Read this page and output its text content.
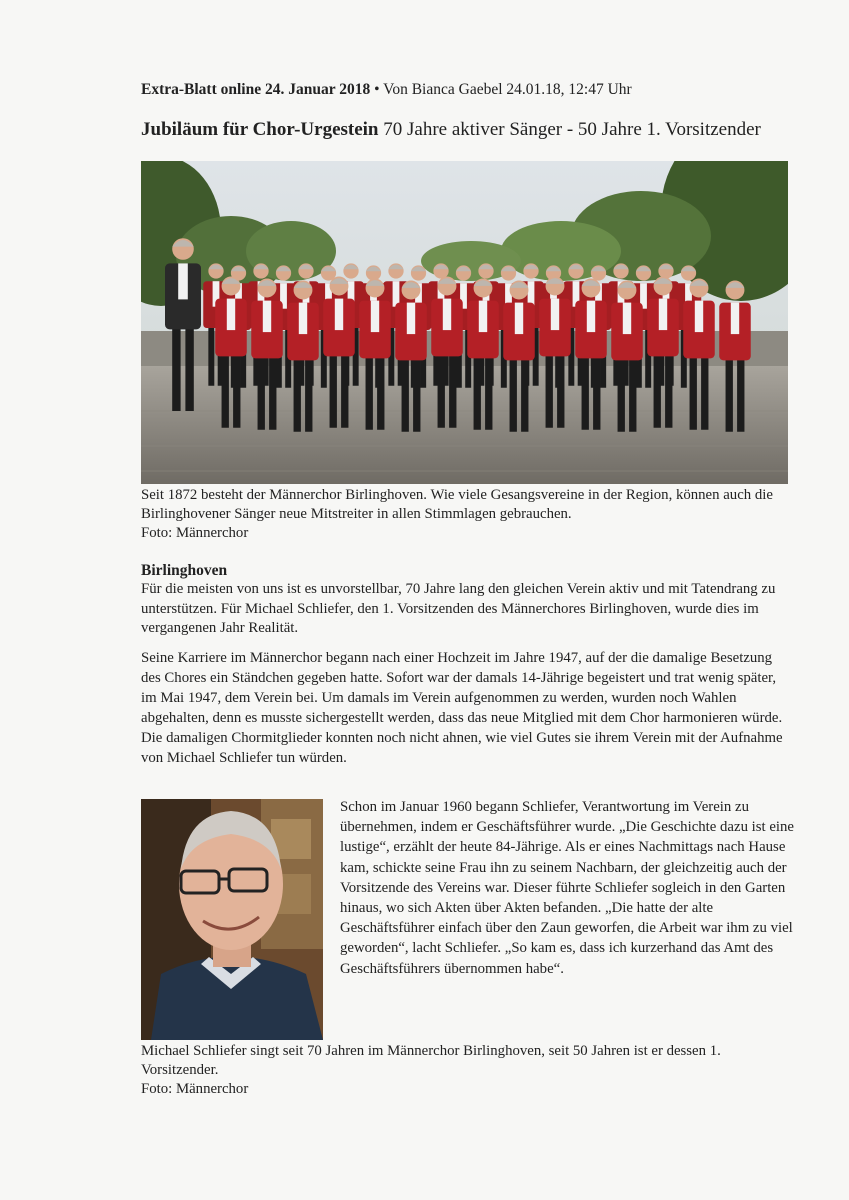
Extra-Blatt online 24. Januar 2018 • Von Bianca Gaebel 24.01.18, 12:47 Uhr
Jubiläum für Chor-Urgestein 70 Jahre aktiver Sänger - 50 Jahre 1. Vorsitzender

Seit 1872 besteht der Männerchor Birlinghoven. Wie viele Gesangsvereine in der Region, können auch die Birlinghovener Sänger neue Mitstreiter in allen Stimmlagen gebrauchen.

Foto: Männerchor

Birlinghoven

Für die meisten von uns ist es unvorstellbar, 70 Jahre lang den gleichen Verein aktiv und mit Tatendrang zu unterstützen. Für Michael Schliefer, den 1. Vorsitzenden des Männerchores Birlinghoven, wurde dies im vergangenen Jahr Realität.

Seine Karriere im Männerchor begann nach einer Hochzeit im Jahre 1947, auf der die damalige Besetzung des Chores ein Ständchen gegeben hatte. Sofort war der damals 14-Jährige begeistert und trat wenig später, im Mai 1947, dem Verein bei. Um damals im Verein aufgenommen zu werden, wurden noch Wahlen abgehalten, denn es musste sichergestellt werden, dass das neue Mitglied mit dem Chor harmonieren würde. Die damaligen Chormitglieder konnten noch nicht ahnen, wie viel Gutes sie ihrem Verein mit der Aufnahme von Michael Schliefer tun würden.

Schon im Januar 1960 begann Schliefer, Verantwortung im Verein zu übernehmen, indem er Geschäftsführer wurde. „Die Geschichte dazu ist eine lustige“, erzählt der heute 84-Jährige. Als er eines Nachmittags nach Hause kam, schickte seine Frau ihn zu seinem Nachbarn, der gleichzeitig auch der Vorsitzende des Vereins war. Dieser führte Schliefer sogleich in den Garten hinaus, wo sich Akten über Akten befanden. „Die hatte der alte Geschäftsführer einfach über den Zaun geworfen, die Arbeit war ihm zu viel geworden“, lacht Schliefer. „So kam es, dass ich kurzerhand das Amt des Geschäftsführers übernommen habe“.

Michael Schliefer singt seit 70 Jahren im Männerchor Birlinghoven, seit 50 Jahren ist er dessen 1. Vorsitzender.

Foto: Männerchor
